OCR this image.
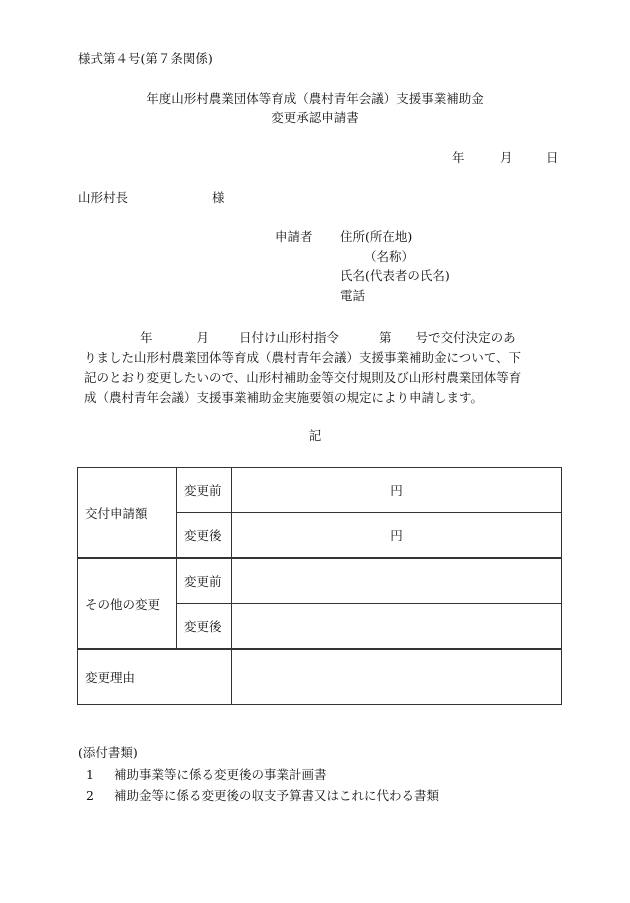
様式第４号(第７条関係)
年度山形村農業団体等育成（農村青年会議）支援事業補助金
変更承認申請書
年	月	日
山形村長	様
申請者 住所(所在地)
（名称）
氏名(代表者の氏名)
電話
年	月 日付け山形村指令	第 号で交付決定のあ
りました山形村農業団体等育成（農村青年会議）支援事業補助金について、下
記のとおり変更したいので、山形村補助金等交付規則及び山形村農業団体等育
成（農村青年会議）支援事業補助金実施要領の規定により申請します。
記
交付申請額	変更前	円
	変更後	円
その他の変更	変更前	
	変更後	
変更理由		
(添付書類)
1 補助事業等に係る変更後の事業計画書
2 補助金等に係る変更後の収支予算書又はこれに代わる書類
